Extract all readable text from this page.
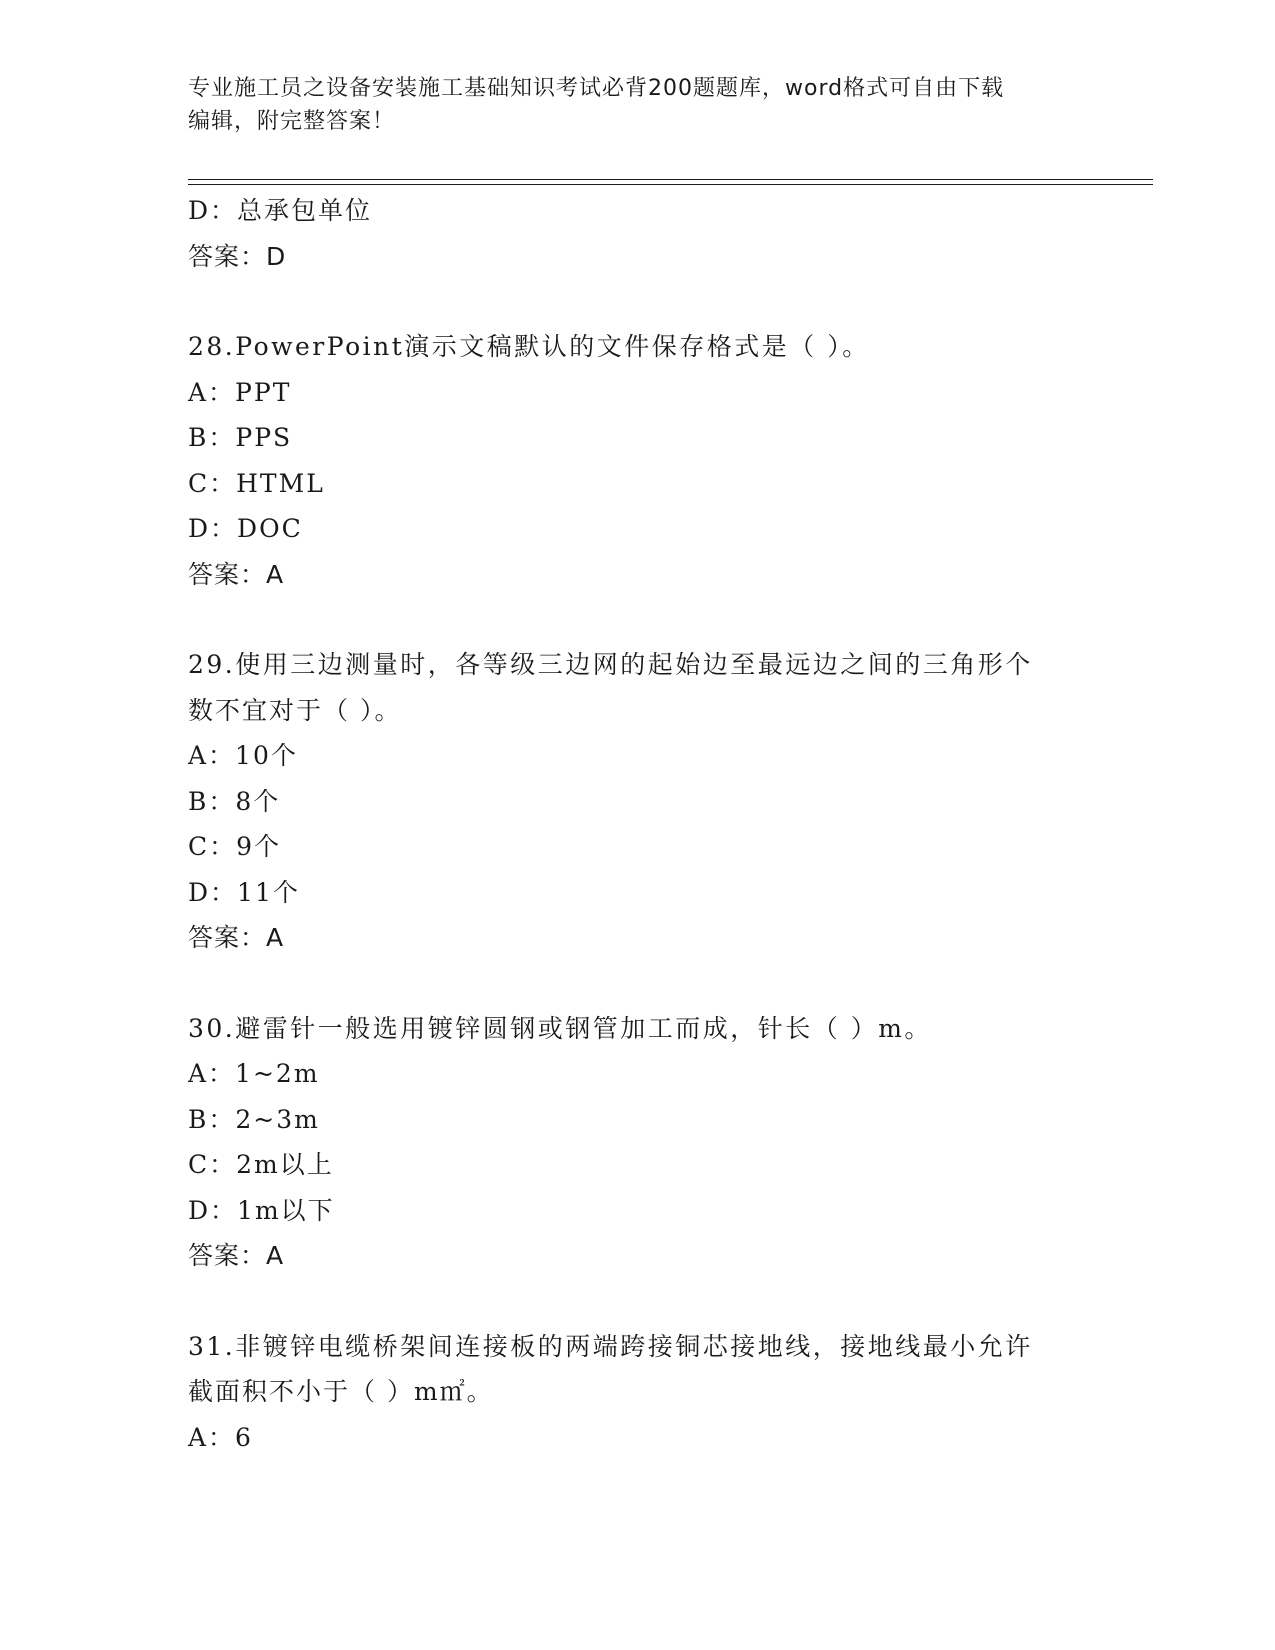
专业施工员之设备安装施工基础知识考试必背200题题库，word格式可自由下载
编辑，附完整答案！
D：总承包单位
答案：D
28.PowerPoint演示文稿默认的文件保存格式是（ ）。
A：PPT
B：PPS
C：HTML
D：DOC
答案：A
29.使用三边测量时，各等级三边网的起始边至最远边之间的三角形个
数不宜对于（ ）。
A：10个
B：8个
C：9个
D：11个
答案：A
30.避雷针一般选用镀锌圆钢或钢管加工而成，针长（ ）m。
A：1~2m
B：2~3m
C：2m以上
D：1m以下
答案：A
31.非镀锌电缆桥架间连接板的两端跨接铜芯接地线，接地线最小允许
截面积不小于（ ）m㎡。
A：6
